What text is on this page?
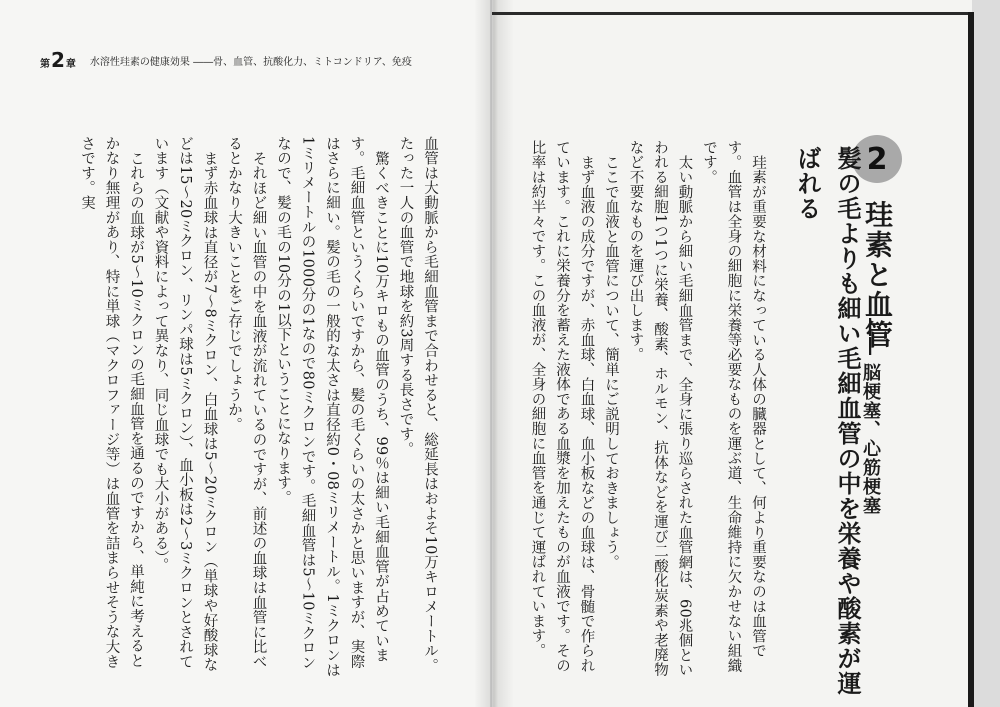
第 2 章 水溶性珪素の健康効果 ――骨、血管、抗酸化力、ミトコンドリア、免疫

血管は大動脈から毛細血管まで合わせると、総延長はおよそ10万キロメートル。たった一人の血管で地球を約3周する長さです。

驚くべきことに10万キロもの血管のうち、99％は細い毛細血管が占めています。毛細血管というくらいですから、髪の毛くらいの太さかと思いますが、実際はさらに細い。髪の毛の一般的な太さは直径約0・08ミリメートル。1ミクロンは1ミリメートルの1000分の1なので80ミクロンです。毛細血管は5～10ミクロンなので、髪の毛の10分の1以下ということになります。

それほど細い血管の中を血液が流れているのですが、前述の血球は血管に比べるとかなり大きいことをご存じでしょうか。

まず赤血球は直径が7～8ミクロン、白血球は5～20ミクロン（単球や好酸球などは15～20ミクロン、リンパ球は5ミクロン）、血小板は2～3ミクロンとされています（文献や資料によって異なり、同じ血球でも大小がある）。

これらの血球が5～10ミクロンの毛細血管を通るのですから、単純に考えるとかなり無理があり、特に単球（マクロファージ等）は血管を詰まらせそうな大きさです。実	2
珪素と血管
―― 脳梗塞、心筋梗塞
髪の毛よりも細い毛細血管の中を栄養や酸素が運ばれる

珪素が重要な材料になっている人体の臓器として、何より重要なのは血管です。血管は全身の細胞に栄養等必要なものを運ぶ道、生命維持に欠かせない組織です。

太い動脈から細い毛細血管まで、全身に張り巡らされた血管網は、60兆個といわれる細胞1つ1つに栄養、酸素、ホルモン、抗体などを運び二酸化炭素や老廃物など不要なものを運び出します。

ここで血液と血管について、簡単にご説明しておきましょう。

まず血液の成分ですが、赤血球、白血球、血小板などの血球は、骨髄で作られています。これに栄養分を蓄えた液体である血漿を加えたものが血液です。その比率は約半々です。この血液が、全身の細胞に血管を通じて運ばれています。
